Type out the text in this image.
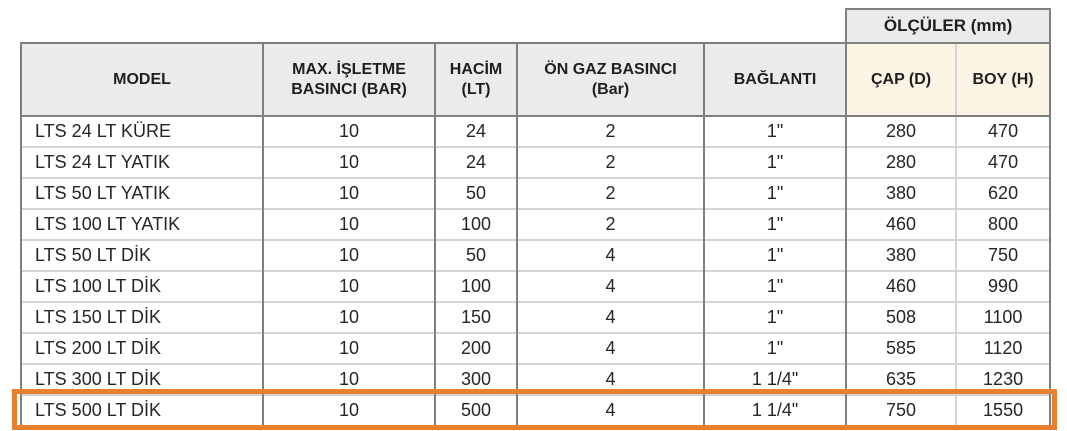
					ÖLÇÜLER (mm)	
MODEL	MAX. İŞLETME BASINCI (BAR)	HACİM (LT)	ÖN GAZ BASINCI (Bar)	BAĞLANTI	ÇAP (D)	BOY (H)
LTS 24 LT KÜRE	10	24	2	1"	280	470
LTS 24 LT YATIK	10	24	2	1"	280	470
LTS 50 LT YATIK	10	50	2	1"	380	620
LTS 100 LT YATIK	10	100	2	1"	460	800
LTS 50 LT DİK	10	50	4	1"	380	750
LTS 100 LT DİK	10	100	4	1"	460	990
LTS 150 LT DİK	10	150	4	1"	508	1100
LTS 200 LT DİK	10	200	4	1"	585	1120
LTS 300 LT DİK	10	300	4	1 1/4"	635	1230
LTS 500 LT DİK	10	500	4	1 1/4"	750	1550
